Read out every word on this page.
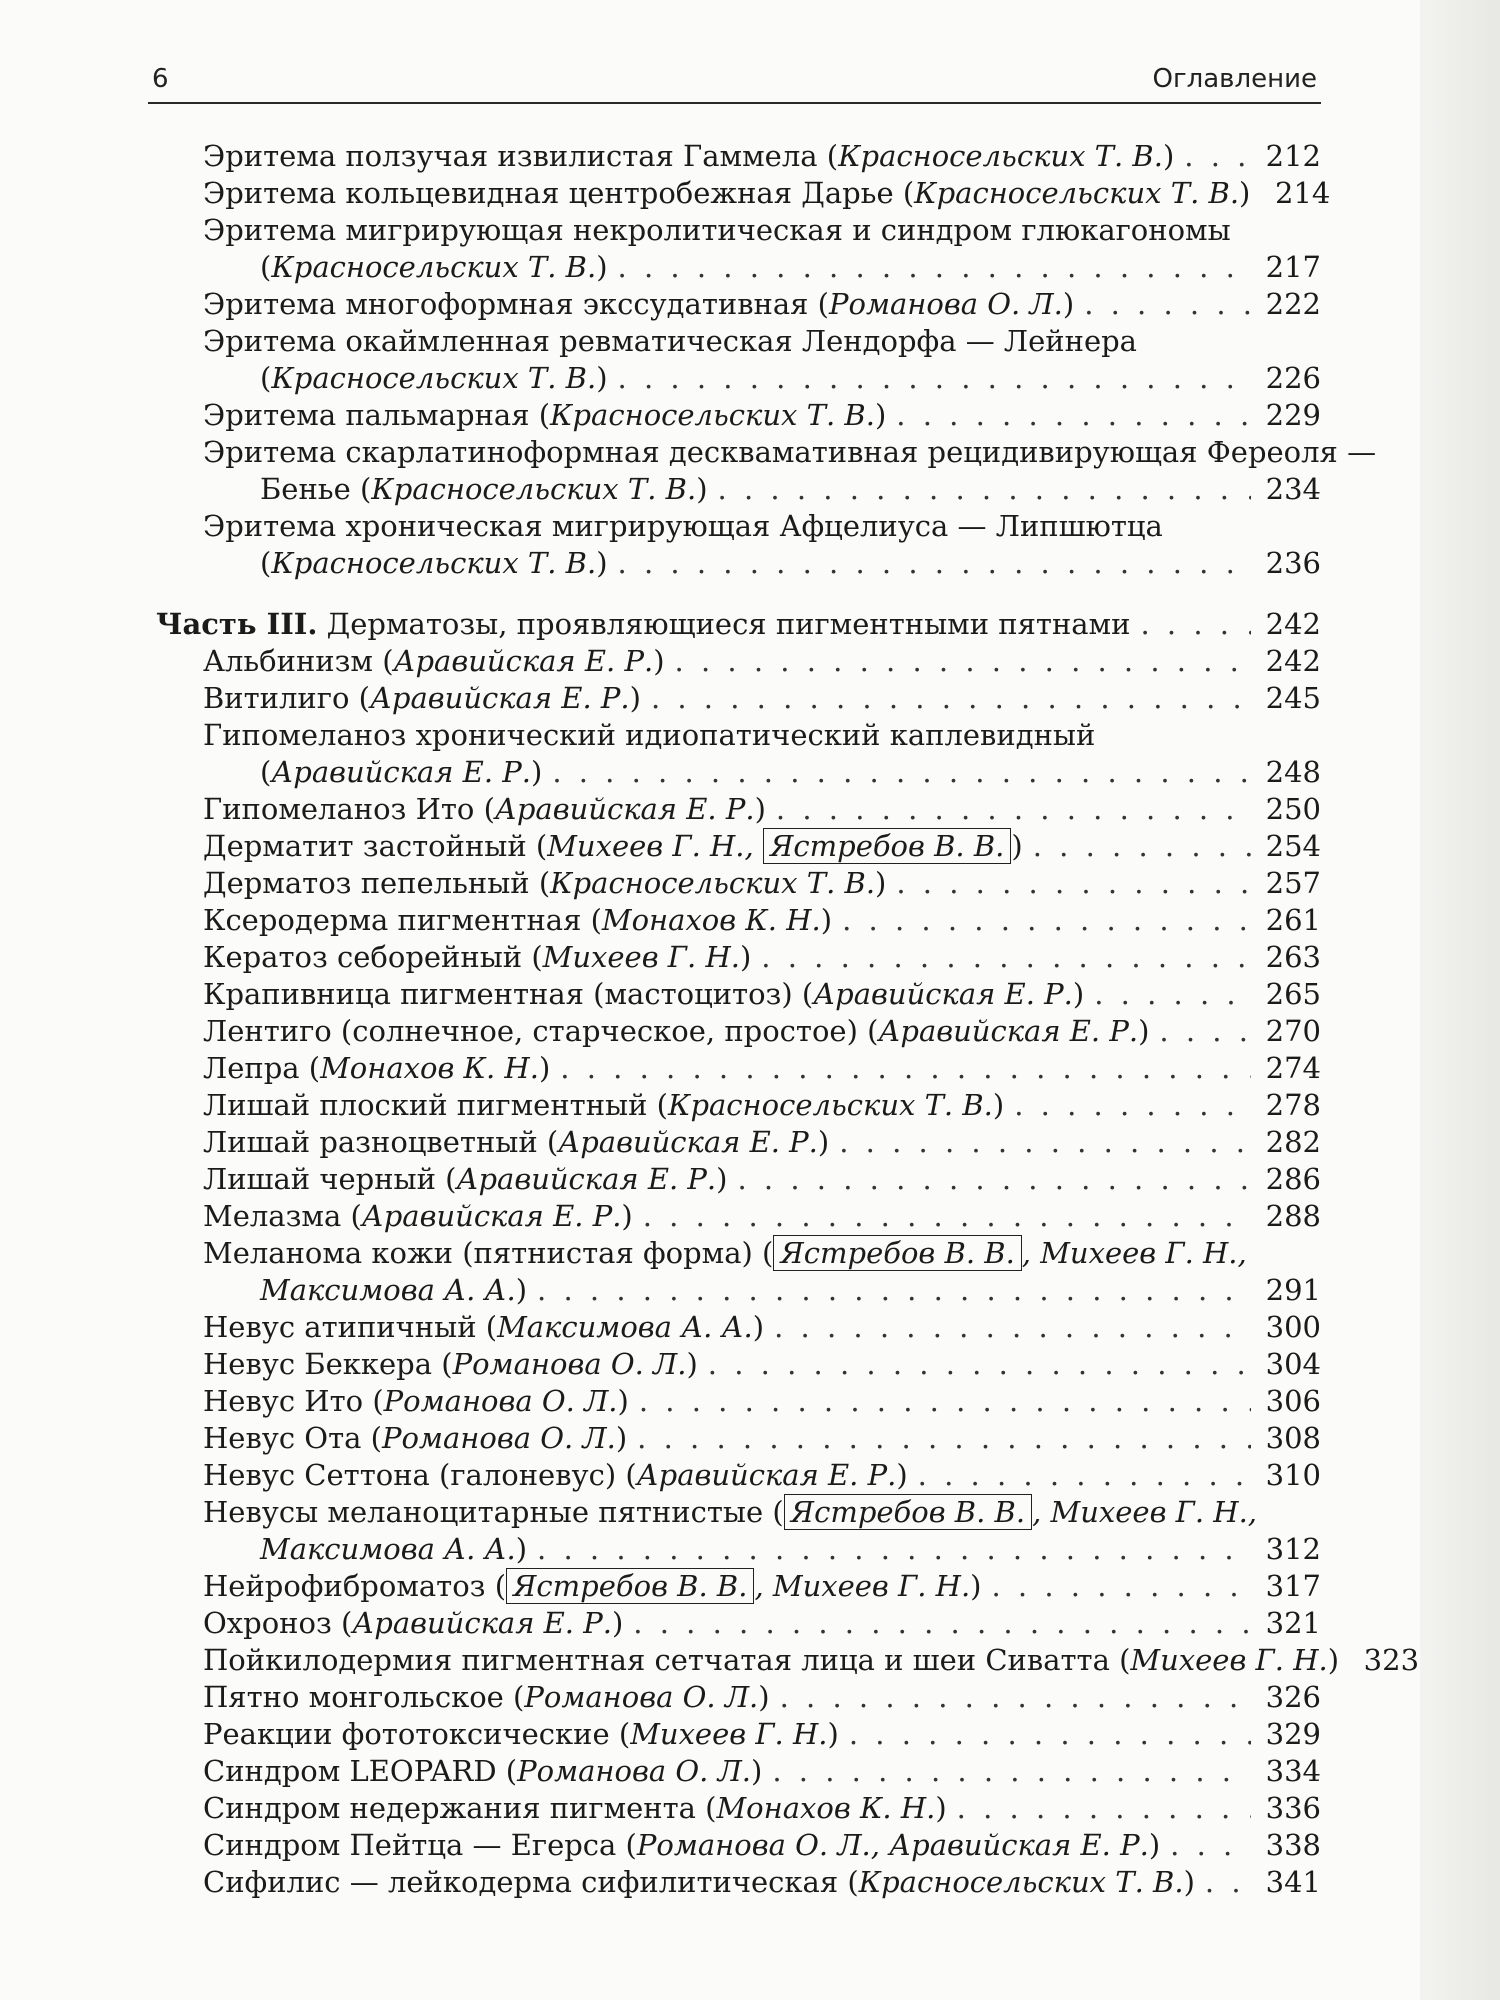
6	Оглавление
Эритема ползучая извилистая Гаммела (Красносельских Т. В.) . . .	212
Эритема кольцевидная центробежная Дарье (Красносельских Т. В.) 214
Эритема мигрирующая некролитическая и синдром глюкагономы
(Красносельских Т. В.) . . .	217
Эритема многоформная экссудативная (Романова О. Л.) . . .	222
Эритема окаймленная ревматическая Лендорфа — Лейнера
(Красносельских Т. В.) . . .	226
Эритема пальмарная (Красносельских Т. В.) . . .	229
Эритема скарлатиноформная десквамативная рецидивирующая Фереоля —
Бенье (Красносельских Т. В.) . . .	234
Эритема хроническая мигрирующая Афцелиуса — Липшютца
(Красносельских Т. В.) . . .	236
Часть III. Дерматозы, проявляющиеся пигментными пятнами . . .	242
Альбинизм (Аравийская Е. Р.) . . .	242
Витилиго (Аравийская Е. Р.) . . .	245
Гипомеланоз хронический идиопатический каплевидный
(Аравийская Е. Р.) . . .	248
Гипомеланоз Ито (Аравийская Е. Р.) . . .	250
Дерматит застойный (Михеев Г. Н., Ястребов В. В. ) . . .	254
Дерматоз пепельный (Красносельских Т. В.) . . .	257
Ксеродерма пигментная (Монахов К. Н.) . . .	261
Кератоз себорейный (Михеев Г. Н.) . . .	263
Крапивница пигментная (мастоцитоз) (Аравийская Е. Р.) . . .	265
Лентиго (солнечное, старческое, простое) (Аравийская Е. Р.) . . .	270
Лепра (Монахов К. Н.) . . .	274
Лишай плоский пигментный (Красносельских Т. В.) . . .	278
Лишай разноцветный (Аравийская Е. Р.) . . .	282
Лишай черный (Аравийская Е. Р.) . . .	286
Мелазма (Аравийская Е. Р.) . . .	288
Меланома кожи (пятнистая форма) ( Ястребов В. В. , Михеев Г. Н.,
Максимова А. А.) . . .	291
Невус атипичный (Максимова А. А.) . . .	300
Невус Беккера (Романова О. Л.) . . .	304
Невус Ито (Романова О. Л.) . . .	306
Невус Ота (Романова О. Л.) . . .	308
Невус Сеттона (галоневус) (Аравийская Е. Р.) . . .	310
Невусы меланоцитарные пятнистые ( Ястребов В. В. , Михеев Г. Н.,
Максимова А. А.) . . .	312
Нейрофиброматоз ( Ястребов В. В. , Михеев Г. Н.) . . .	317
Охроноз (Аравийская Е. Р.) . . .	321
Пойкилодермия пигментная сетчатая лица и шеи Сиватта (Михеев Г. Н.) 323
Пятно монгольское (Романова О. Л.) . . .	326
Реакции фототоксические (Михеев Г. Н.) . . .	329
Синдром LEOPARD (Романова О. Л.) . . .	334
Синдром недержания пигмента (Монахов К. Н.) . . .	336
Синдром Пейтца — Егерса (Романова О. Л., Аравийская Е. Р.) . . .	338
Сифилис — лейкодерма сифилитическая (Красносельских Т. В.) . . . 341
